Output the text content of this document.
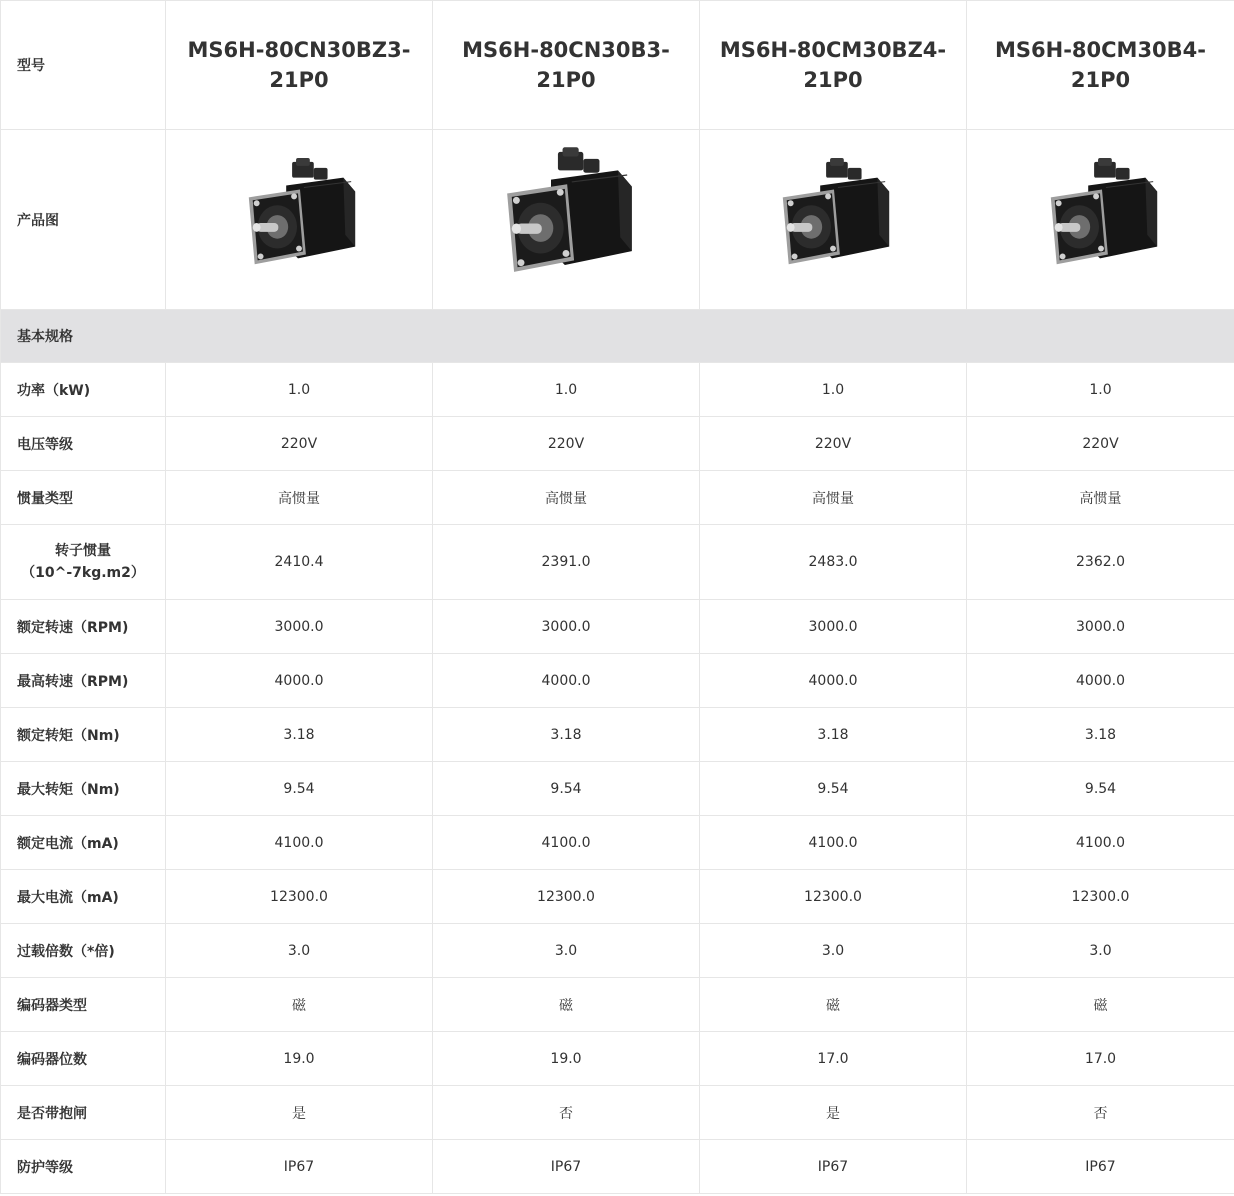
型号	MS6H-80CN30BZ3-21P0	MS6H-80CN30B3-21P0	MS6H-80CM30BZ4-21P0	MS6H-80CM30B4-21P0
产品图	

基本规格				
功率（kW)	1.0	1.0	1.0	1.0
电压等级	220V	220V	220V	220V
惯量类型	高惯量	高惯量	高惯量	高惯量
转子惯量（10^-7kg.m2）	2410.4	2391.0	2483.0	2362.0
额定转速（RPM)	3000.0	3000.0	3000.0	3000.0
最高转速（RPM)	4000.0	4000.0	4000.0	4000.0
额定转矩（Nm)	3.18	3.18	3.18	3.18
最大转矩（Nm)	9.54	9.54	9.54	9.54
额定电流（mA)	4100.0	4100.0	4100.0	4100.0
最大电流（mA)	12300.0	12300.0	12300.0	12300.0
过载倍数（*倍)	3.0	3.0	3.0	3.0
编码器类型	磁	磁	磁	磁
编码器位数	19.0	19.0	17.0	17.0
是否带抱闸	是	否	是	否
防护等级	IP67	IP67	IP67	IP67
